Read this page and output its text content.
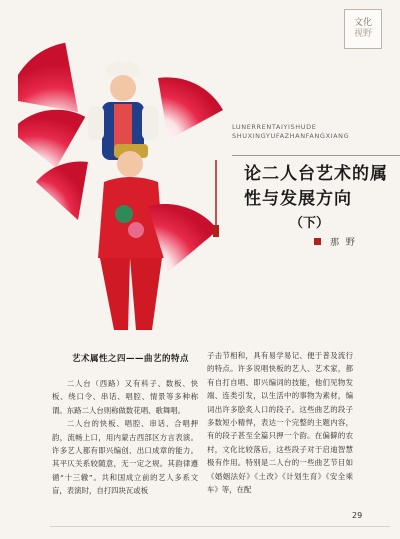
文化
视野
LUNERRENTAIYISHUDE SHUXINGYUFAZHANFANGXIANG
论二人台艺术的属性与发展方向
（下）
那 野
艺术属性之四——曲艺的特点

二人台（西路）又有科子、数板、快板、绕口令、串话、唱腔、情景等多种称谓。东路二人台则称做数花唱、歌舞唱。

二人台的快板、唱腔、串话、合唱押韵，流畅上口，用内蒙古西部区方言表演。许多艺人都有即兴编创、出口成章的能力。其平仄关系较随意，无一定之规。其韵律遵循“十三辙”。共和国成立前的艺人多系文盲，表演时，自打四块瓦或板

子击节相和，具有易学易记、便于普及流行的特点。许多说唱快板的艺人、艺术家，都有自打自唱、即兴编词的技能，他们见物发端、连类引发，以生活中的事物为素材，编词出许多脍炙人口的段子。这些曲艺的段子多数短小精悍，表达一个完整的主题内容，有的段子甚至全篇只押一个韵。在偏僻的农村，文化比较落后，这些段子对于启迪智慧极有作用。特别是二人台的一些曲艺节目如《婚姻法好》《土改》《计划生育》《安全乘车》等，在配

29
